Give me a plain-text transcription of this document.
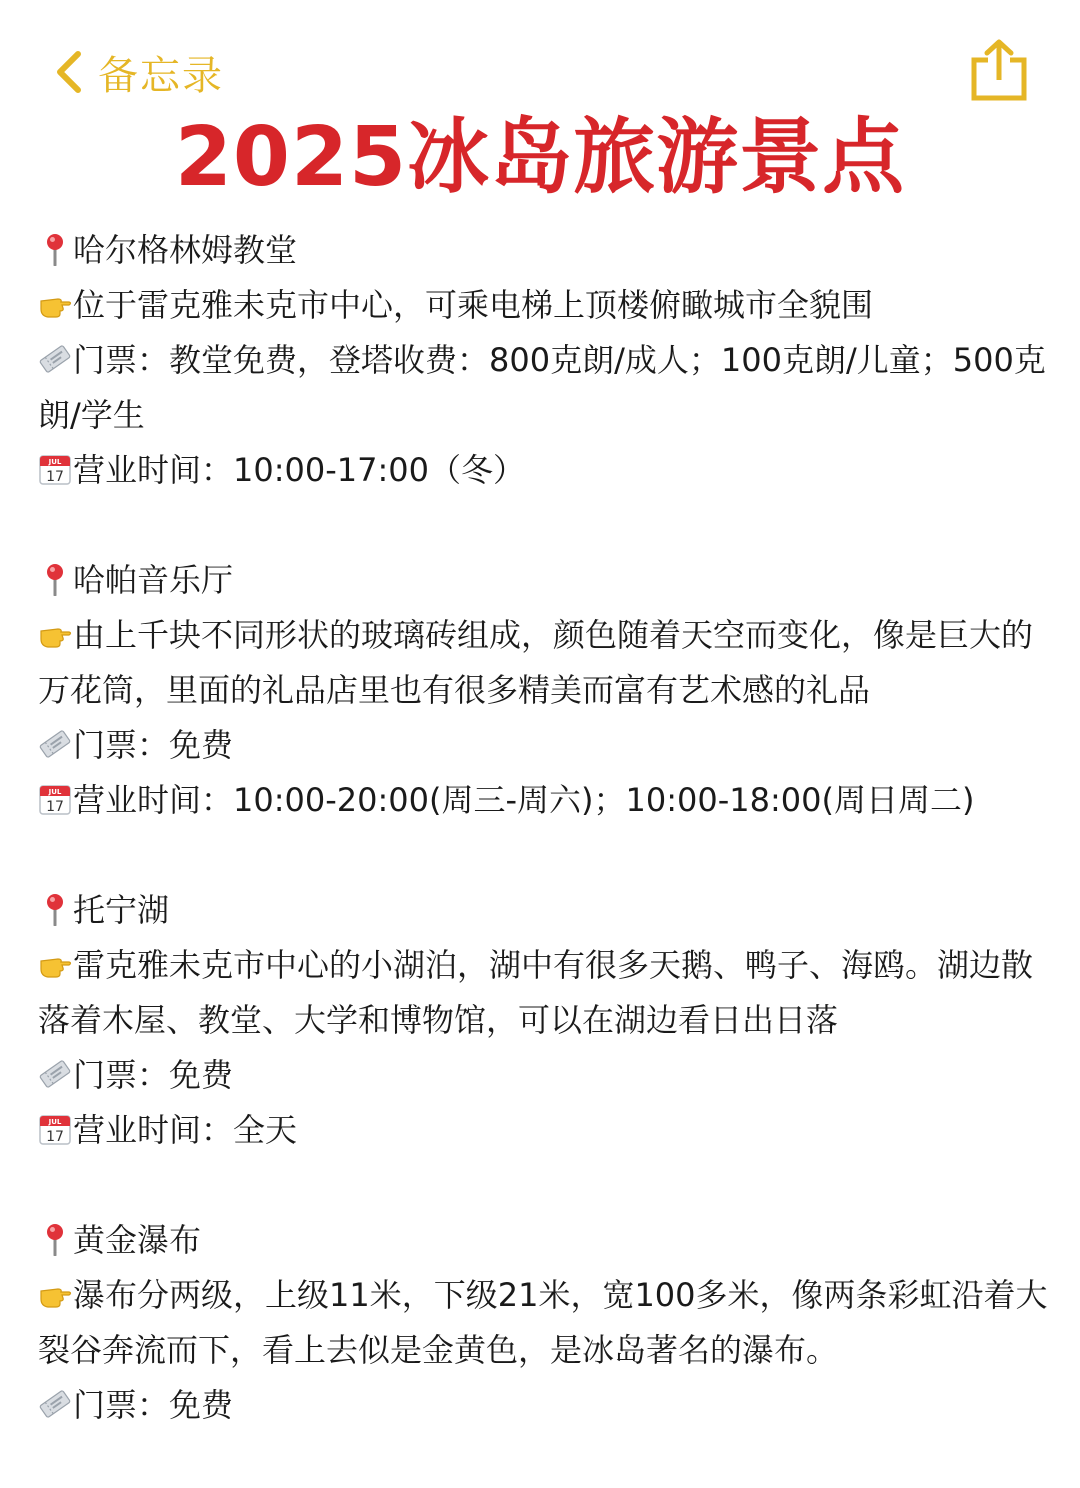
备忘录
2025冰岛旅游景点
哈尔格林姆教堂
位于雷克雅未克市中心，可乘电梯上顶楼俯瞰城市全貌围
门票：教堂免费，登塔收费：800克朗/成人；100克朗/儿童；500克朗/学生
JUL
17 营业时间：10:00-17:00（冬）
哈帕音乐厅
由上千块不同形状的玻璃砖组成，颜色随着天空而变化，像是巨大的万花筒，里面的礼品店里也有很多精美而富有艺术感的礼品
门票：免费
JUL
17 营业时间：10:00-20:00(周三-周六)；10:00-18:00(周日周二)
托宁湖
雷克雅未克市中心的小湖泊，湖中有很多天鹅、鸭子、海鸥。湖边散落着木屋、教堂、大学和博物馆，可以在湖边看日出日落
门票：免费
JUL
17 营业时间：全天
黄金瀑布
瀑布分两级，上级11米，下级21米，宽100多米，像两条彩虹沿着大裂谷奔流而下，看上去似是金黄色，是冰岛著名的瀑布。
门票：免费
